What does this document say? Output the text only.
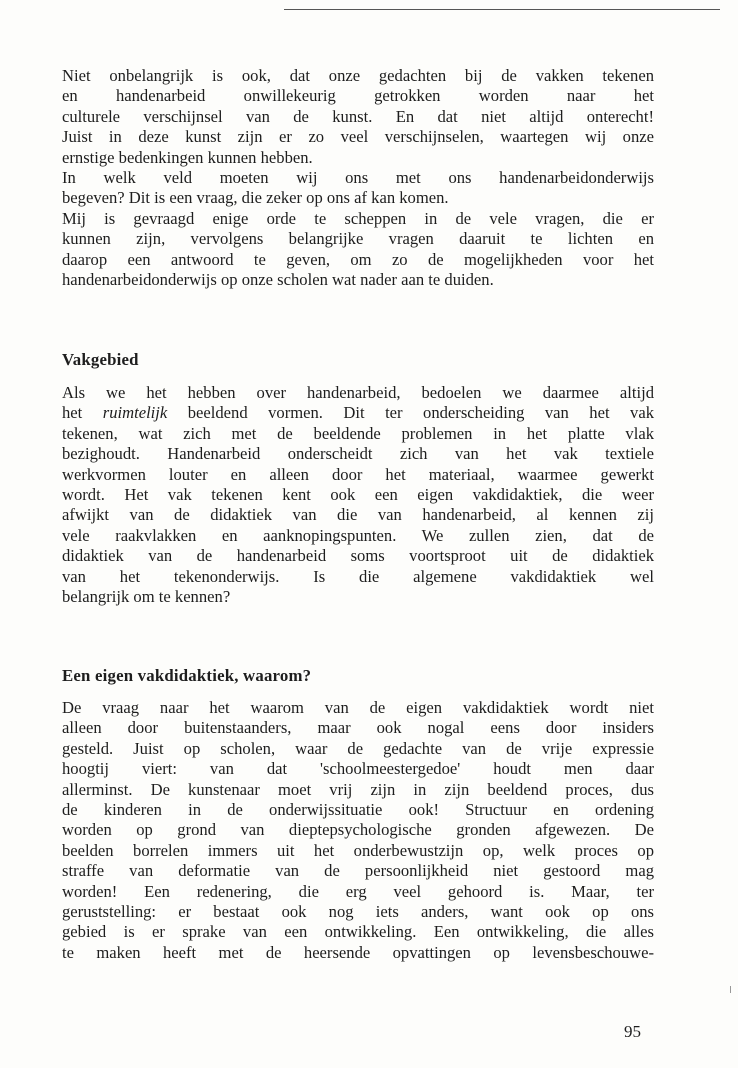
Niet onbelangrijk is ook, dat onze gedachten bij de vakken tekenen
en handenarbeid onwillekeurig getrokken worden naar het
culturele verschijnsel van de kunst. En dat niet altijd onterecht!
Juist in deze kunst zijn er zo veel verschijnselen, waartegen wij onze
ernstige bedenkingen kunnen hebben.
In welk veld moeten wij ons met ons handenarbeidonderwijs
begeven? Dit is een vraag, die zeker op ons af kan komen.
Mij is gevraagd enige orde te scheppen in de vele vragen, die er
kunnen zijn, vervolgens belangrijke vragen daaruit te lichten en
daarop een antwoord te geven, om zo de mogelijkheden voor het
handenarbeidonderwijs op onze scholen wat nader aan te duiden.
Vakgebied
Als we het hebben over handenarbeid, bedoelen we daarmee altijd
het ruimtelijk beeldend vormen. Dit ter onderscheiding van het vak
tekenen, wat zich met de beeldende problemen in het platte vlak
bezighoudt. Handenarbeid onderscheidt zich van het vak textiele
werkvormen louter en alleen door het materiaal, waarmee gewerkt
wordt. Het vak tekenen kent ook een eigen vakdidaktiek, die weer
afwijkt van de didaktiek van die van handenarbeid, al kennen zij
vele raakvlakken en aanknopingspunten. We zullen zien, dat de
didaktiek van de handenarbeid soms voortsproot uit de didaktiek
van het tekenonderwijs. Is die algemene vakdidaktiek wel
belangrijk om te kennen?
Een eigen vakdidaktiek, waarom?
De vraag naar het waarom van de eigen vakdidaktiek wordt niet
alleen door buitenstaanders, maar ook nogal eens door insiders
gesteld. Juist op scholen, waar de gedachte van de vrije expressie
hoogtij viert: van dat 'schoolmeestergedoe' houdt men daar
allerminst. De kunstenaar moet vrij zijn in zijn beeldend proces, dus
de kinderen in de onderwijssituatie ook! Structuur en ordening
worden op grond van dieptepsychologische gronden afgewezen. De
beelden borrelen immers uit het onderbewustzijn op, welk proces op
straffe van deformatie van de persoonlijkheid niet gestoord mag
worden! Een redenering, die erg veel gehoord is. Maar, ter
geruststelling: er bestaat ook nog iets anders, want ook op ons
gebied is er sprake van een ontwikkeling. Een ontwikkeling, die alles
te maken heeft met de heersende opvattingen op levensbeschouwe-
95
